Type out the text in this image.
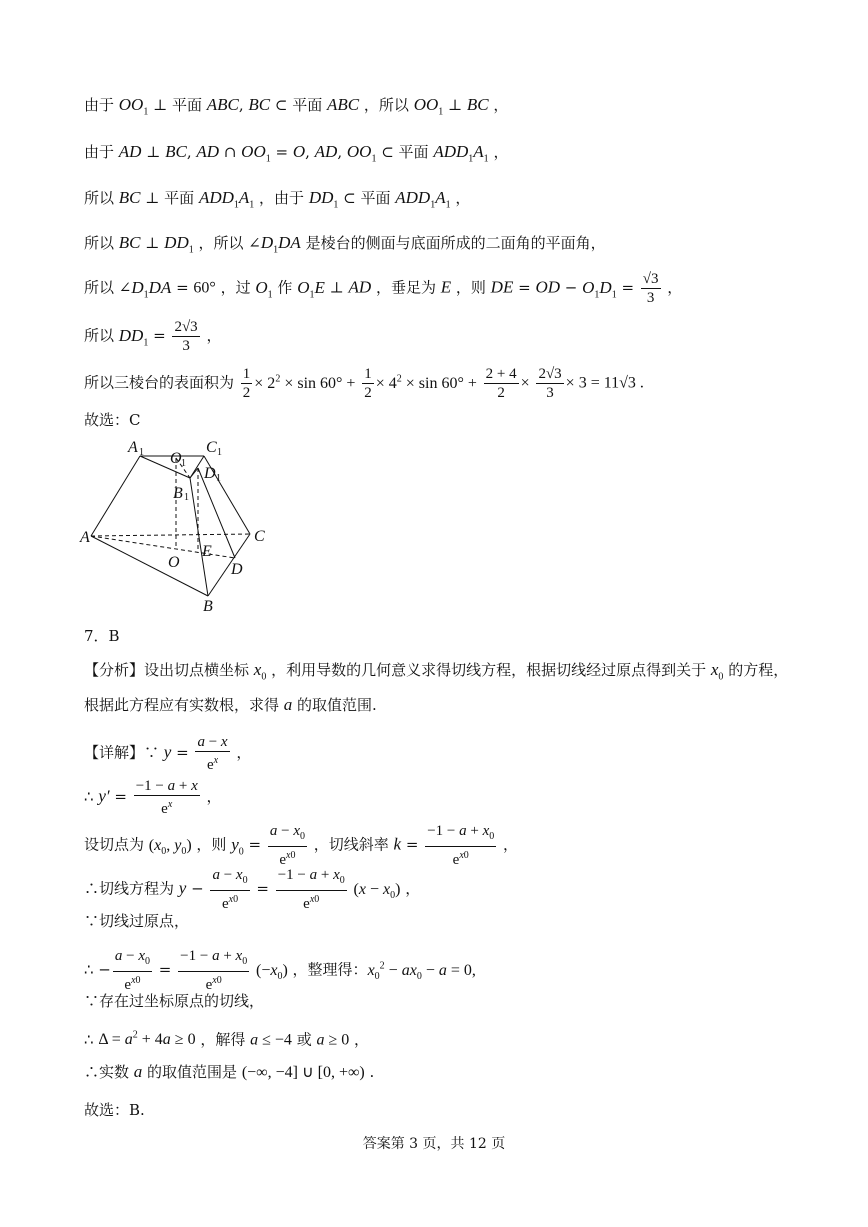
由于 $OO_1$ ⊥ 平面 ABC, BC ⊂ 平面 ABC ，所以 $OO_1$ ⊥ BC ，
由于 AD ⊥ BC, AD ∩ $OO_1 = O$, AD, $OO_1$ ⊂ 平面 $ADD_1A_1$ ，
所以 BC ⊥ 平面 $ADD_1A_1$ ，由于 $DD_1$ ⊂ 平面 $ADD_1A_1$ ，
所以 BC ⊥ $DD_1$ ，所以 $\angle D_1DA$ 是棱台的侧面与底面所成的二面角的平面角，
所以 $\angle D_1DA = 60^\circ$ ，过 $O_1$ 作 $O_1E$ ⊥ AD ，垂足为 E ，则 DE = OD − $O_1D_1 = \frac{√3}{3}$ ，
所以 $DD_1 = \frac{2√3}{3}$ ，
所以三棱台的表面积为 $\frac{1}{2} \times 2^2 \times \sin 60^\circ + \frac{1}{2} \times 4^2 \times \sin 60^\circ + \frac{2 + 4}{2} \times \frac{2√3}{3} \times 3 = 11√3$ .
故选：C
A 1 O 1
C 1
D 1
B 1
A	C
E
O	D
B
7．B
【分析】设出切点横坐标 $x_0$ ，利用导数的几何意义求得切线方程，根据切线经过原点得到关于 $x_0$ 的方程，
根据此方程应有实数根，求得 a 的取值范围.
【详解】∵ $y = \frac{a - x}{e^x}$ ，
∴ $y' = \frac{-1 - a + x}{e^x}$ ，
设切点为 ($x_0$, $y_0$) ，则 $y_0 = \frac{a - x_0}{e^{x0}}$ ，切线斜率 $k = \frac{-1 - a + x_0}{e^{x0}}$ ，
∴切线方程为 $y - \frac{a - x_0}{e^{x0}} = \frac{-1 - a + x_0}{e^{x0}} (x - x_0)$ ，
∵切线过原点，
∴ − $\frac{a - x_0}{e^{x0}} = \frac{-1 - a + x_0}{e^{x0}} (-x_0)$ ，整理得：$x_0^2 - ax_0 - a = 0$,
∵存在过坐标原点的切线，
∴ $\Delta = a^2 + 4a \ge 0$ ，解得 a ≤ −4 或 a ≥ 0 ，
∴实数 a 的取值范围是 (−∞, −4] ∪ [0, +∞) .
故选：B.
答案第 3 页，共 12 页
